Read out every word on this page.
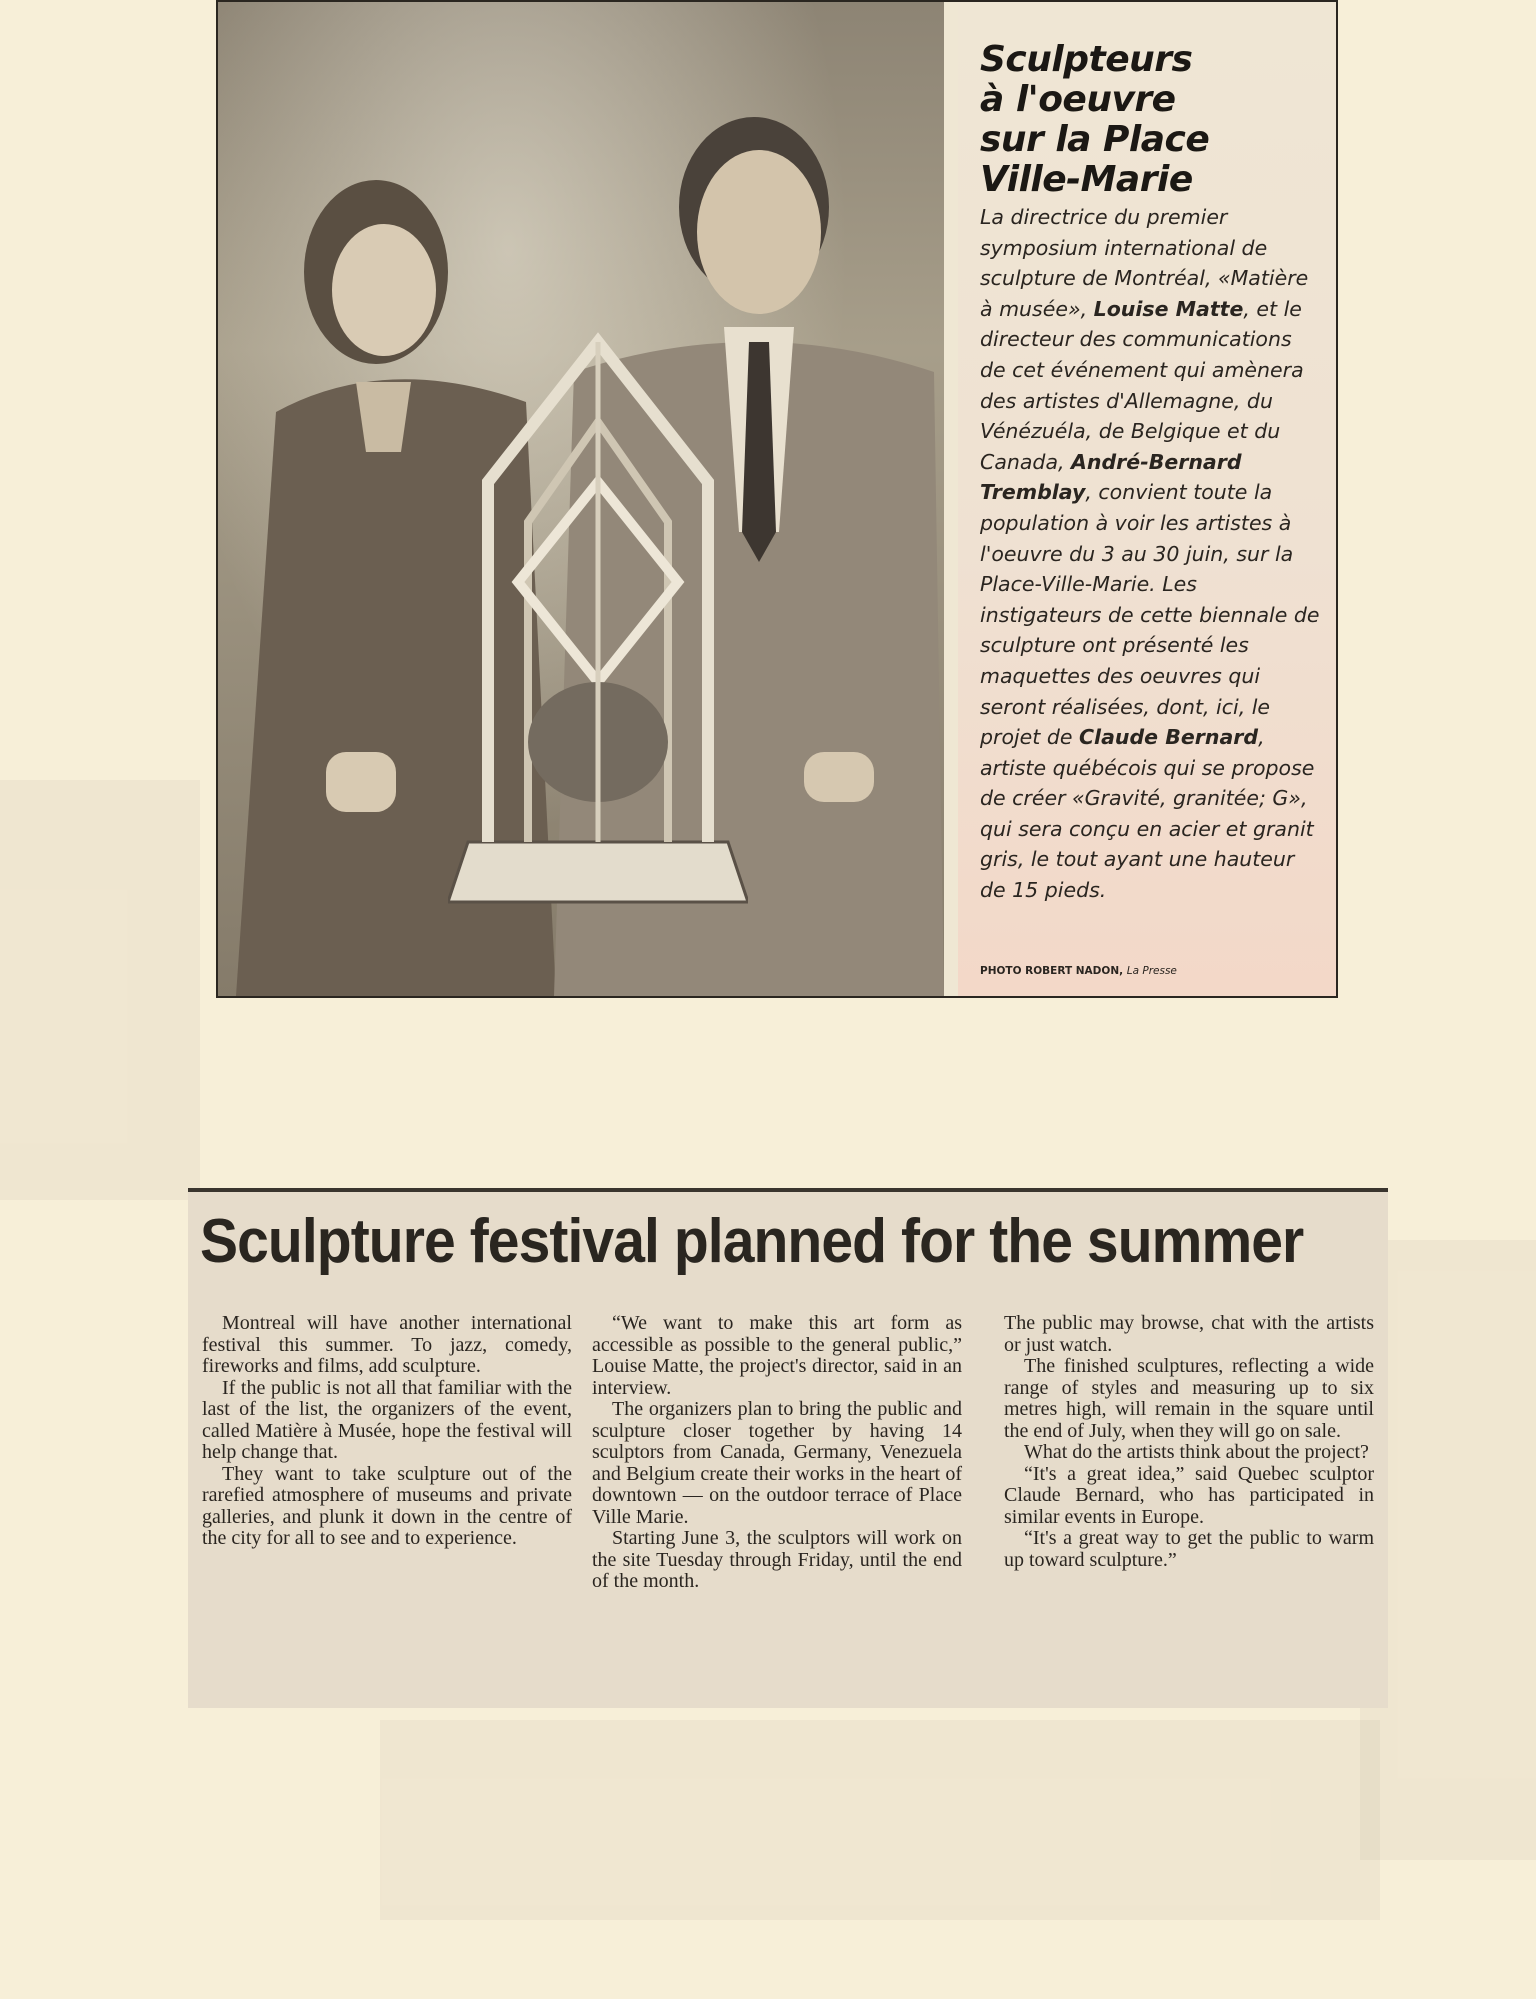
Sculpteurs
à l'oeuvre
sur la Place
Ville-Marie
La directrice du premier symposium international de sculpture de Montréal, «Matière à musée», Louise Matte, et le directeur des communications de cet événement qui amènera des artistes d'Allemagne, du Vénézuéla, de Belgique et du Canada, André-Bernard Tremblay, convient toute la population à voir les artistes à l'oeuvre du 3 au 30 juin, sur la Place-Ville-Marie. Les instigateurs de cette biennale de sculpture ont présenté les maquettes des oeuvres qui seront réalisées, dont, ici, le projet de Claude Bernard, artiste québécois qui se propose de créer «Gravité, granitée; G», qui sera conçu en acier et granit gris, le tout ayant une hauteur de 15 pieds.
PHOTO ROBERT NADON, La Presse
Sculpture festival planned for the summer

Montreal will have another international festival this summer. To jazz, comedy, fireworks and films, add sculpture.

If the public is not all that familiar with the last of the list, the organizers of the event, called Matière à Musée, hope the festival will help change that.

They want to take sculpture out of the rarefied atmosphere of museums and private galleries, and plunk it down in the centre of the city for all to see and to experience.

“We want to make this art form as accessible as possible to the general public,” Louise Matte, the project's director, said in an interview.

The organizers plan to bring the public and sculpture closer together by having 14 sculptors from Canada, Germany, Venezuela and Belgium create their works in the heart of downtown — on the outdoor terrace of Place Ville Marie.

Starting June 3, the sculptors will work on the site Tuesday through Friday, until the end of the month.

The public may browse, chat with the artists or just watch.

The finished sculptures, reflecting a wide range of styles and measuring up to six metres high, will remain in the square until the end of July, when they will go on sale.

What do the artists think about the project?

“It's a great idea,” said Quebec sculptor Claude Bernard, who has participated in similar events in Europe.

“It's a great way to get the public to warm up toward sculpture.”
